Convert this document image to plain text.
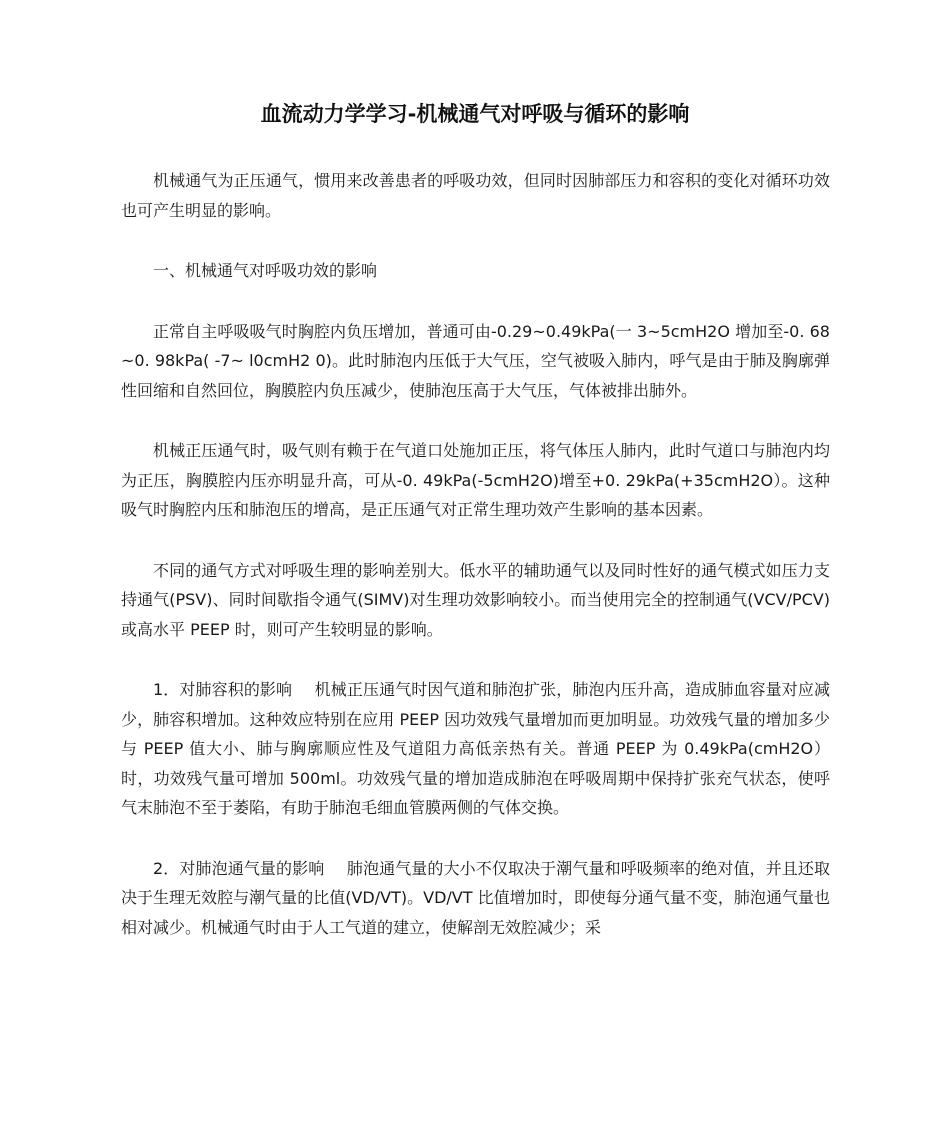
血流动力学学习-机械通气对呼吸与循环的影响

机械通气为正压通气，惯用来改善患者的呼吸功效，但同时因肺部压力和容积的变化对循环功效也可产生明显的影响。

一、机械通气对呼吸功效的影响

正常自主呼吸吸气时胸腔内负压增加，普通可由-0.29~0.49kPa(一 3~5cmH2O 增加至-0. 68~0. 98kPa( -7~ l0cmH2 0)。此时肺泡内压低于大气压，空气被吸入肺内，呼气是由于肺及胸廓弹性回缩和自然回位，胸膜腔内负压减少，使肺泡压高于大气压，气体被排出肺外。

机械正压通气时，吸气则有赖于在气道口处施加正压，将气体压人肺内，此时气道口与肺泡内均为正压，胸膜腔内压亦明显升高，可从-0. 49kPa(-5cmH2O)增至+0. 29kPa(+35cmH2O）。这种吸气时胸腔内压和肺泡压的增高，是正压通气对正常生理功效产生影响的基本因素。

不同的通气方式对呼吸生理的影响差别大。低水平的辅助通气以及同时性好的通气模式如压力支持通气(PSV)、同时间歇指令通气(SIMV)对生理功效影响较小。而当使用完全的控制通气(VCV/PCV)或高水平 PEEP 时，则可产生较明显的影响。

1．对肺容积的影响 机械正压通气时因气道和肺泡扩张，肺泡内压升高，造成肺血容量对应减少，肺容积增加。这种效应特别在应用 PEEP 因功效残气量增加而更加明显。功效残气量的增加多少与 PEEP 值大小、肺与胸廓顺应性及气道阻力高低亲热有关。普通 PEEP 为 0.49kPa(cmH2O）时，功效残气量可增加 500ml。功效残气量的增加造成肺泡在呼吸周期中保持扩张充气状态，使呼气末肺泡不至于萎陷，有助于肺泡毛细血管膜两侧的气体交换。

2．对肺泡通气量的影响 肺泡通气量的大小不仅取决于潮气量和呼吸频率的绝对值，并且还取决于生理无效腔与潮气量的比值(VD/VT)。VD/VT 比值增加时，即使每分通气量不变，肺泡通气量也相对减少。机械通气时由于人工气道的建立，使解剖无效腔减少；采
